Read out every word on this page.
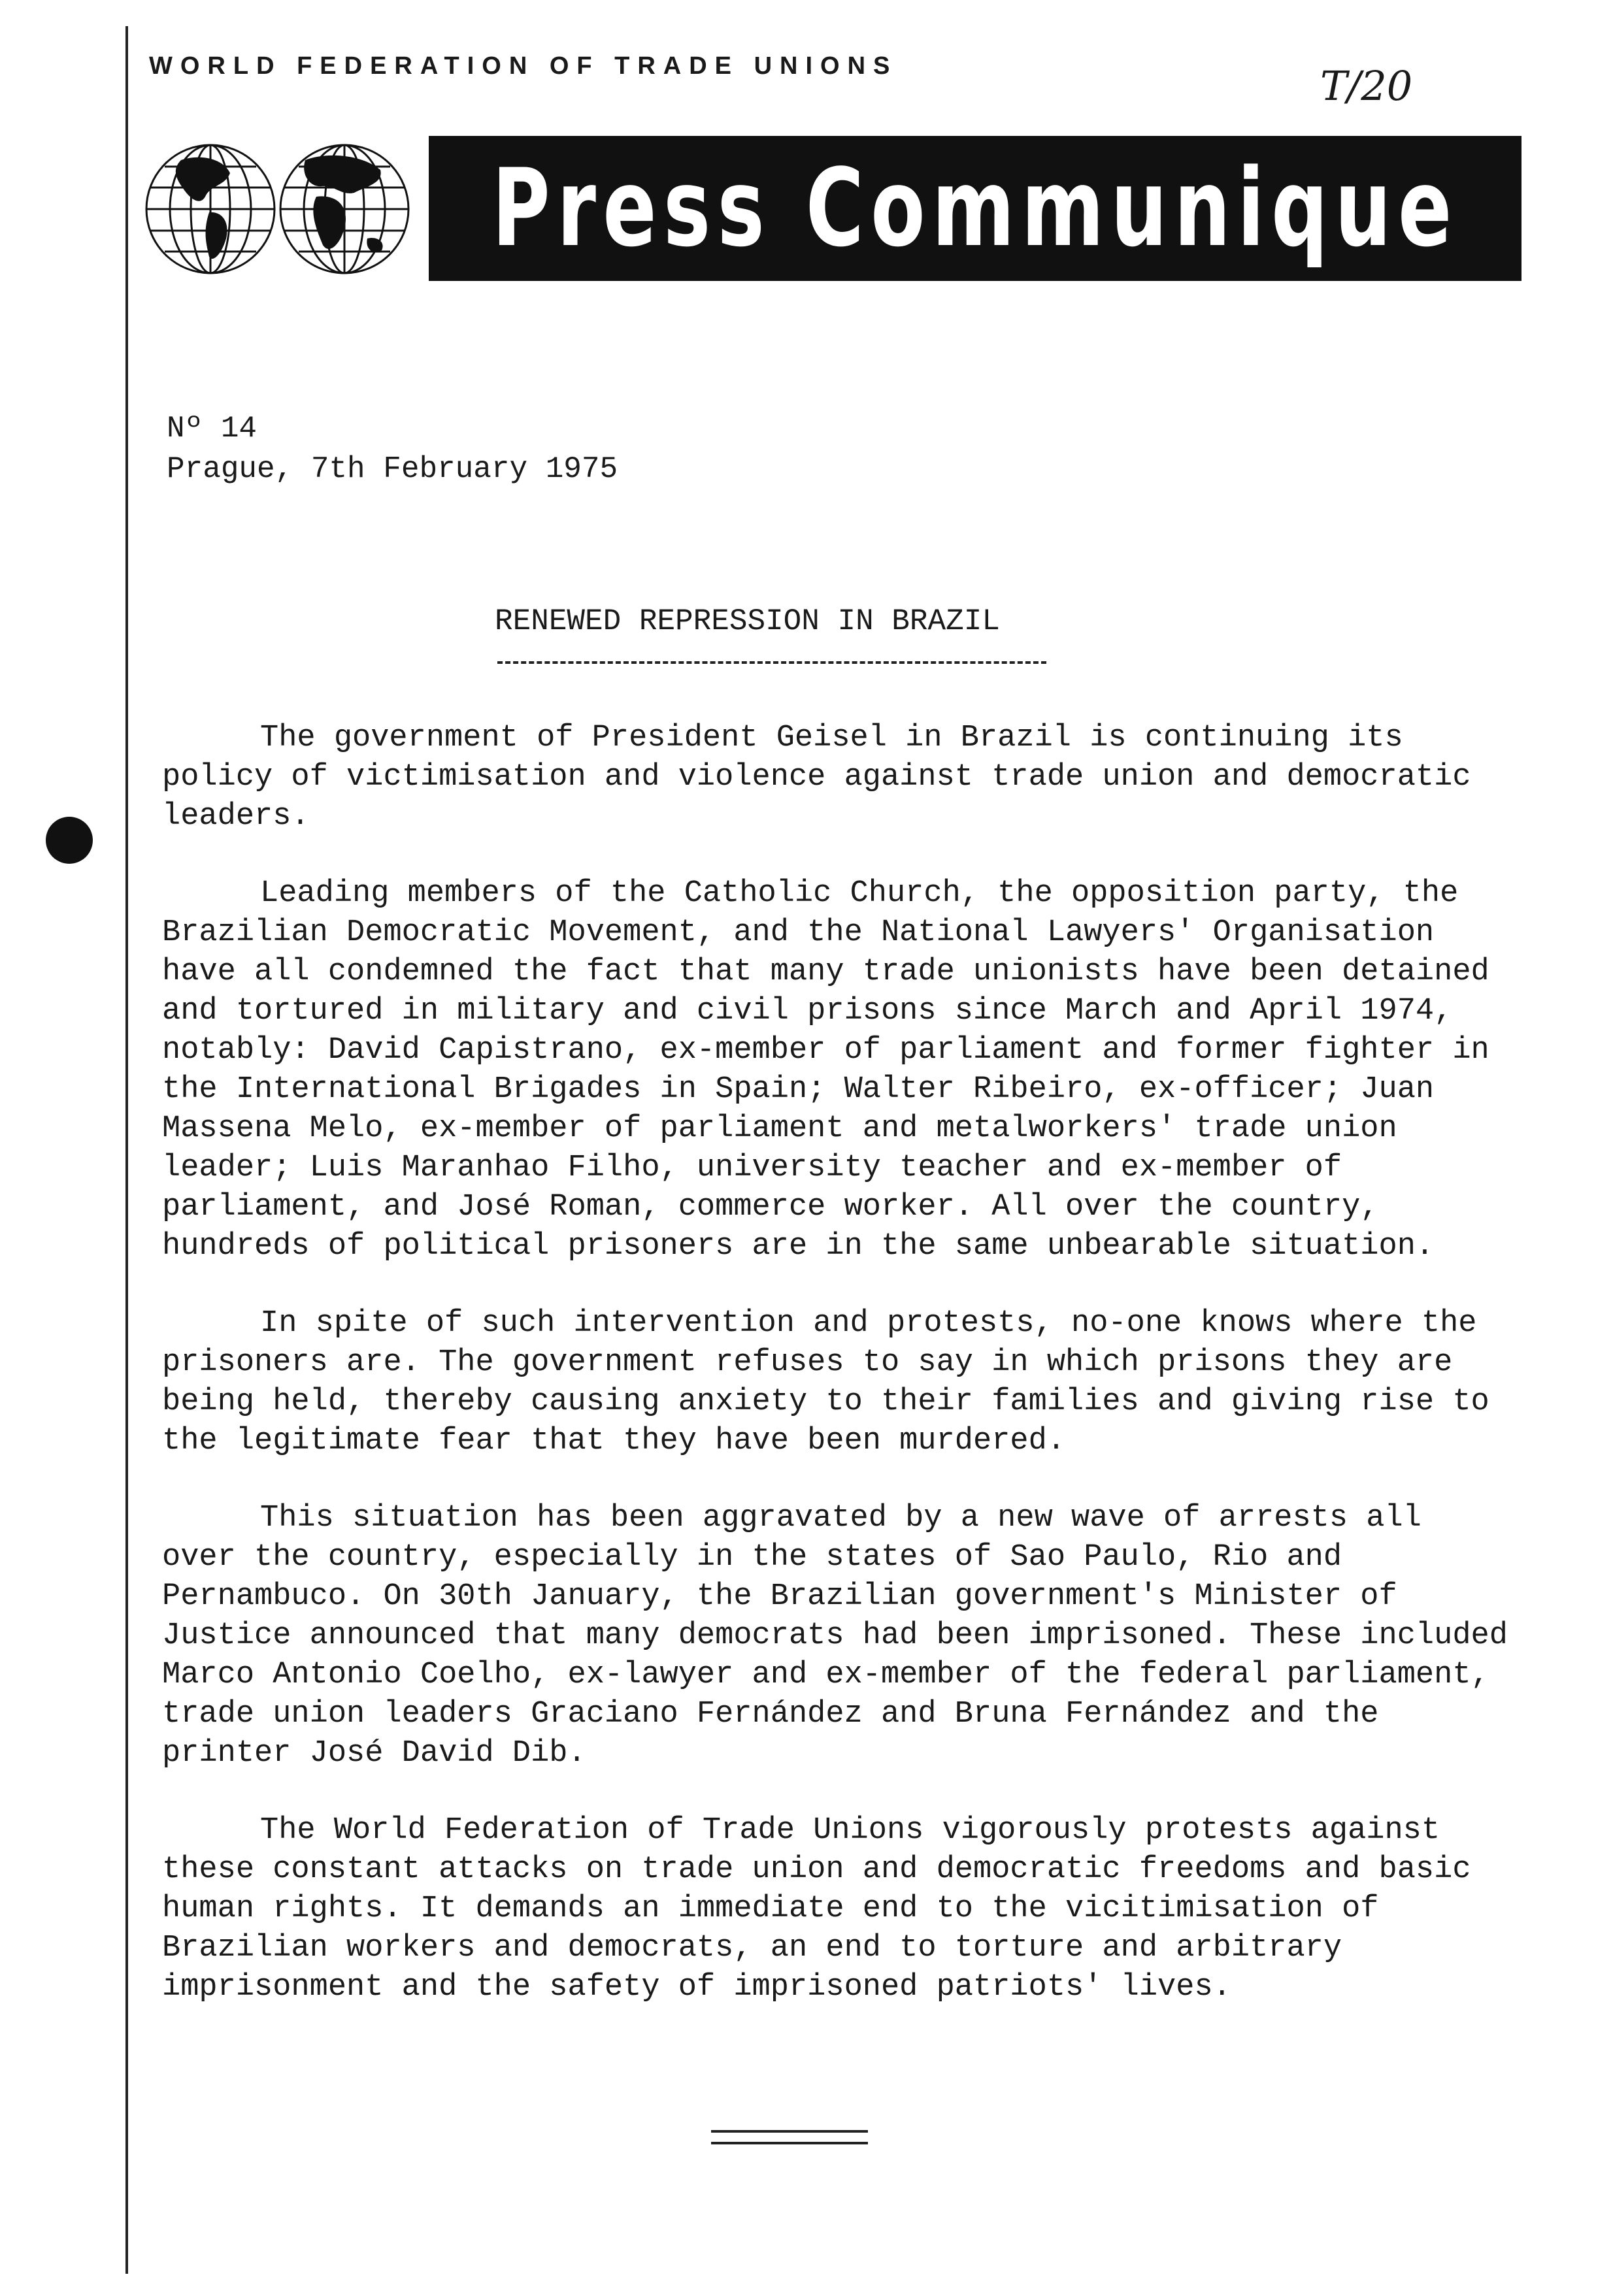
WORLD FEDERATION OF TRADE UNIONS	T/20
Press Communique
Nº 14
Prague, 7th February 1975
RENEWED REPRESSION IN BRAZIL

The government of President Geisel in Brazil is continuing its policy of victimisation and violence against trade union and democratic leaders.

Leading members of the Catholic Church, the opposition party, the Brazilian Democratic Movement, and the National Lawyers' Organisation have all condemned the fact that many trade unionists have been detained and tortured in military and civil prisons since March and April 1974, notably: David Capistrano, ex-member of parliament and former fighter in the International Brigades in Spain; Walter Ribeiro, ex-officer; Juan Massena Melo, ex-member of parliament and metalworkers' trade union leader; Luis Maranhao Filho, university teacher and ex-member of parliament, and José Roman, commerce worker. All over the country, hundreds of political prisoners are in the same unbearable situation.

In spite of such intervention and protests, no-one knows where the prisoners are. The government refuses to say in which prisons they are being held, thereby causing anxiety to their families and giving rise to the legitimate fear that they have been murdered.

This situation has been aggravated by a new wave of arrests all over the country, especially in the states of Sao Paulo, Rio and Pernambuco. On 30th January, the Brazilian government's Minister of Justice announced that many democrats had been imprisoned. These included Marco Antonio Coelho, ex-lawyer and ex-member of the federal parliament, trade union leaders Graciano Fernández and Bruna Fernández and the printer José David Dib.

The World Federation of Trade Unions vigorously protests against these constant attacks on trade union and democratic freedoms and basic human rights. It demands an immediate end to the vicitimisation of Brazilian workers and democrats, an end to torture and arbitrary imprisonment and the safety of imprisoned patriots' lives.
